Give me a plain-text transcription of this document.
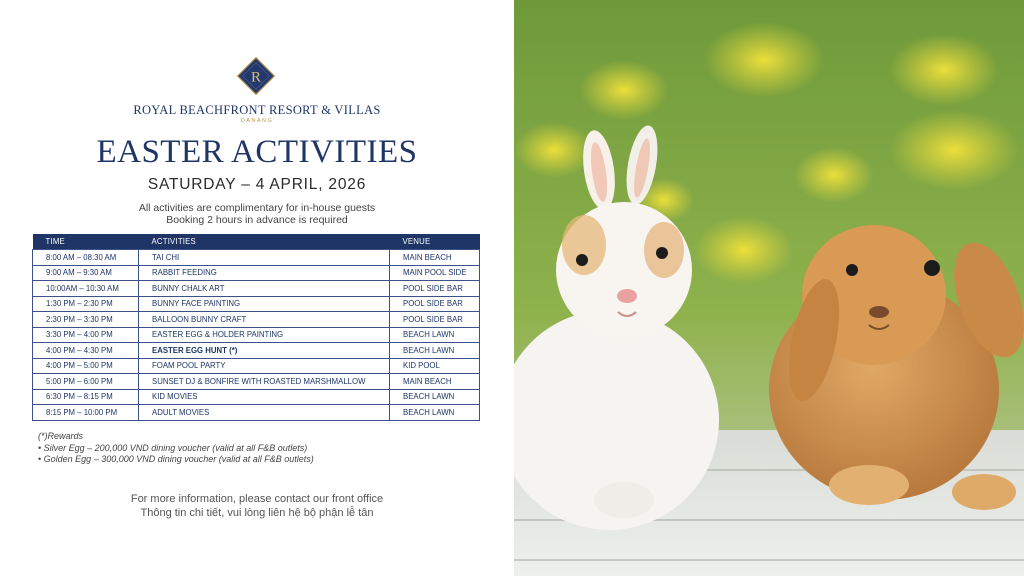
R
ROYAL BEACHFRONT RESORT & VILLAS
DANANG
EASTER ACTIVITIES
SATURDAY – 4 APRIL, 2026
All activities are complimentary for in-house guests
Booking 2 hours in advance is required
TIME	ACTIVITIES	VENUE
8:00 AM – 08:30 AM	TAI CHI	MAIN BEACH
9:00 AM – 9:30 AM	RABBIT FEEDING	MAIN POOL SIDE
10:00AM – 10:30 AM	BUNNY CHALK ART	POOL SIDE BAR
1:30 PM – 2:30 PM	BUNNY FACE PAINTING	POOL SIDE BAR
2:30 PM – 3:30 PM	BALLOON BUNNY CRAFT	POOL SIDE BAR
3:30 PM – 4:00 PM	EASTER EGG & HOLDER PAINTING	BEACH LAWN
4:00 PM – 4:30 PM	EASTER EGG HUNT (*)	BEACH LAWN
4:00 PM – 5:00 PM	FOAM POOL PARTY	KID POOL
5:00 PM – 6:00 PM	SUNSET DJ & BONFIRE WITH ROASTED MARSHMALLOW	MAIN BEACH
6:30 PM – 8:15 PM	KID MOVIES	BEACH LAWN
8:15 PM – 10:00 PM	ADULT MOVIES	BEACH LAWN
(*)Rewards
• Silver Egg – 200,000 VND dining voucher (valid at all F&B outlets)
• Golden Egg – 300,000 VND dining voucher (valid at all F&B outlets)
For more information, please contact our front office
Thông tin chi tiết, vui lòng liên hệ bộ phận lễ tân
